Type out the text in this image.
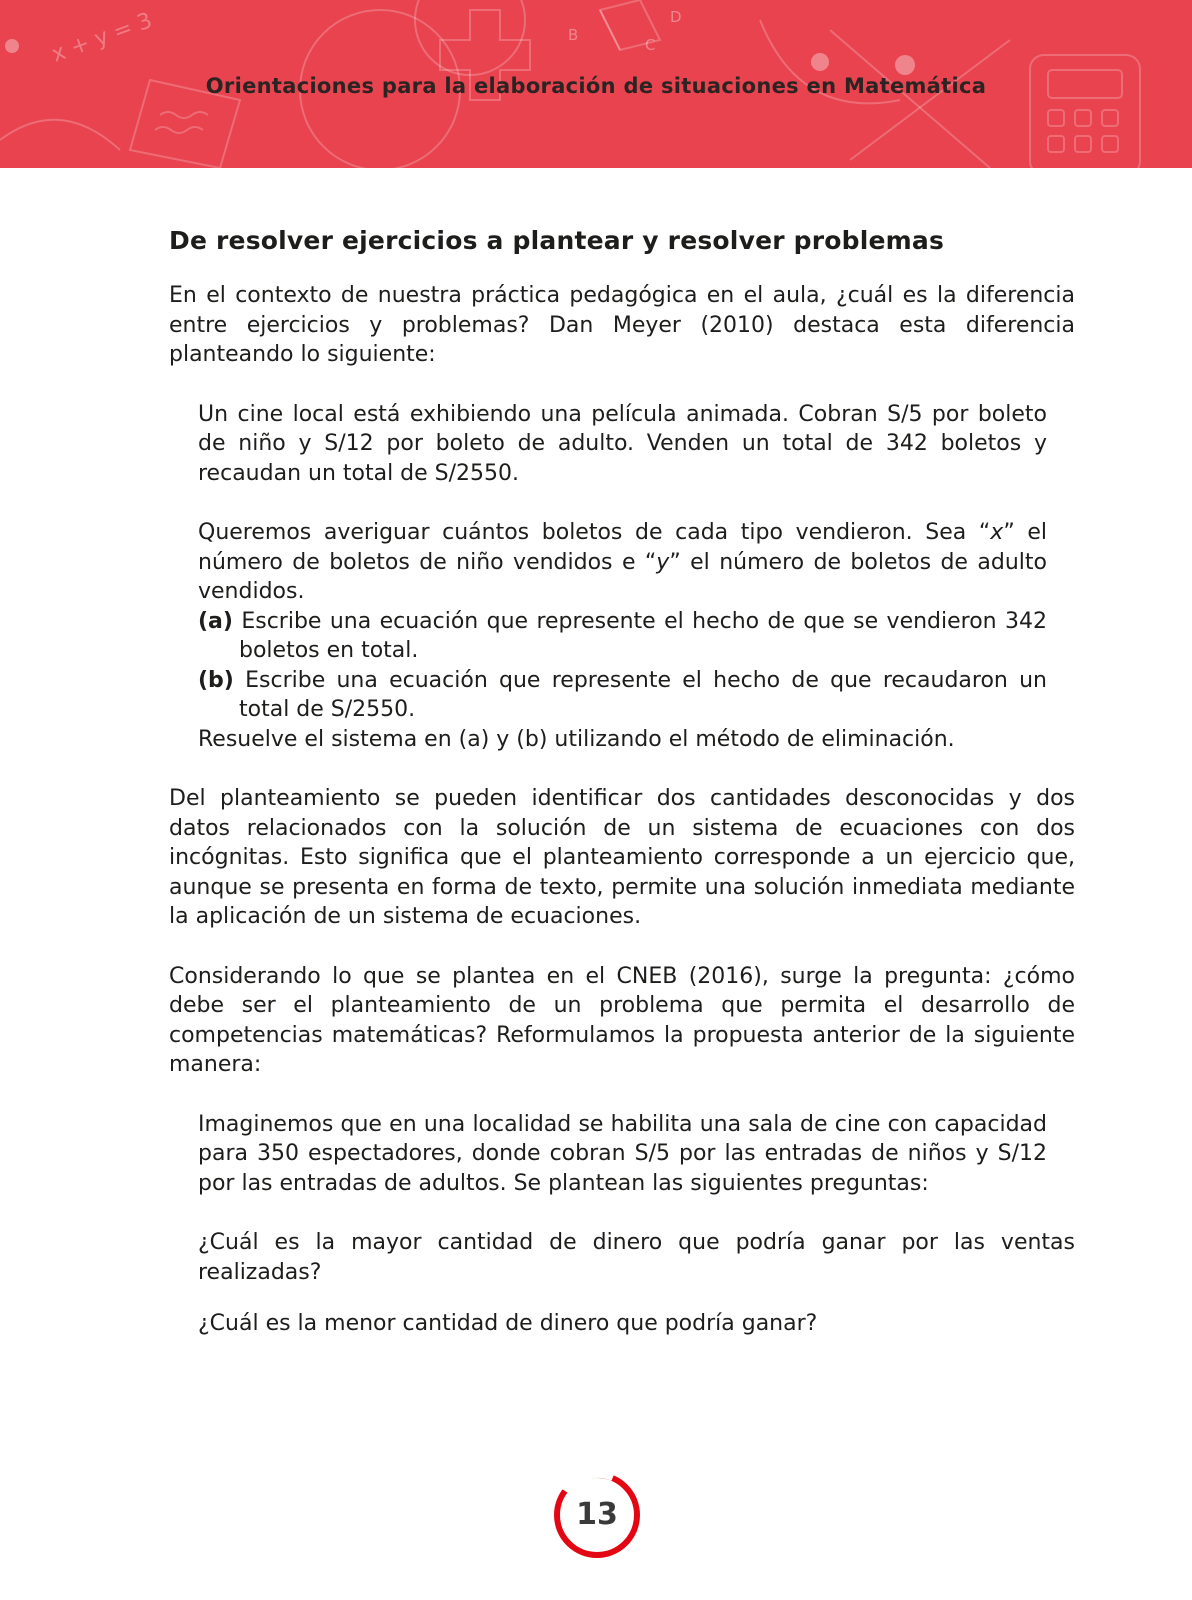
x + y = 3	B
C
D
Orientaciones para la elaboración de situaciones en Matemática
De resolver ejercicios a plantear y resolver problemas

En el contexto de nuestra práctica pedagógica en el aula, ¿cuál es la diferencia entre ejercicios y problemas? Dan Meyer (2010) destaca esta diferencia planteando lo siguiente:

Un cine local está exhibiendo una película animada. Cobran S/5 por boleto de niño y S/12 por boleto de adulto. Venden un total de 342 boletos y recaudan un total de S/2550.

Queremos averiguar cuántos boletos de cada tipo vendieron. Sea “x” el número de boletos de niño vendidos e “y” el número de boletos de adulto vendidos.

(a) Escribe una ecuación que represente el hecho de que se vendieron 342 boletos en total.
(b) Escribe una ecuación que represente el hecho de que recaudaron un total de S/2550.

Resuelve el sistema en (a) y (b) utilizando el método de eliminación.

Del planteamiento se pueden identificar dos cantidades desconocidas y dos datos relacionados con la solución de un sistema de ecuaciones con dos incógnitas. Esto significa que el planteamiento corresponde a un ejercicio que, aunque se presenta en forma de texto, permite una solución inmediata mediante la aplicación de un sistema de ecuaciones.

Considerando lo que se plantea en el CNEB (2016), surge la pregunta: ¿cómo debe ser el planteamiento de un problema que permita el desarrollo de competencias matemáticas? Reformulamos la propuesta anterior de la siguiente manera:

Imaginemos que en una localidad se habilita una sala de cine con capacidad para 350 espectadores, donde cobran S/5 por las entradas de niños y S/12 por las entradas de adultos. Se plantean las siguientes preguntas:

¿Cuál es la mayor cantidad de dinero que podría ganar por las ventas realizadas?

¿Cuál es la menor cantidad de dinero que podría ganar?

13
